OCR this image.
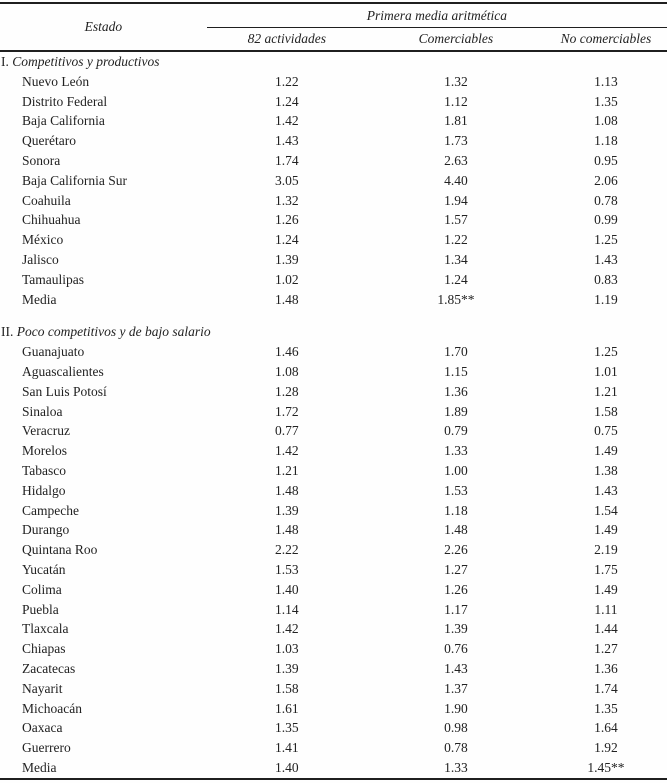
Estado	Primera media aritmética		
	82 actividades	Comerciables	No comerciables
I. Competitivos y productivos			
Nuevo León	1.22	1.32	1.13
Distrito Federal	1.24	1.12	1.35
Baja California	1.42	1.81	1.08
Querétaro	1.43	1.73	1.18
Sonora	1.74	2.63	0.95
Baja California Sur	3.05	4.40	2.06
Coahuila	1.32	1.94	0.78
Chihuahua	1.26	1.57	0.99
México	1.24	1.22	1.25
Jalisco	1.39	1.34	1.43
Tamaulipas	1.02	1.24	0.83
Media	1.48	1.85**	1.19

II. Poco competitivos y de bajo salario			
Guanajuato	1.46	1.70	1.25
Aguascalientes	1.08	1.15	1.01
San Luis Potosí	1.28	1.36	1.21
Sinaloa	1.72	1.89	1.58
Veracruz	0.77	0.79	0.75
Morelos	1.42	1.33	1.49
Tabasco	1.21	1.00	1.38
Hidalgo	1.48	1.53	1.43
Campeche	1.39	1.18	1.54
Durango	1.48	1.48	1.49
Quintana Roo	2.22	2.26	2.19
Yucatán	1.53	1.27	1.75
Colima	1.40	1.26	1.49
Puebla	1.14	1.17	1.11
Tlaxcala	1.42	1.39	1.44
Chiapas	1.03	0.76	1.27
Zacatecas	1.39	1.43	1.36
Nayarit	1.58	1.37	1.74
Michoacán	1.61	1.90	1.35
Oaxaca	1.35	0.98	1.64
Guerrero	1.41	0.78	1.92
Media	1.40	1.33	1.45**
